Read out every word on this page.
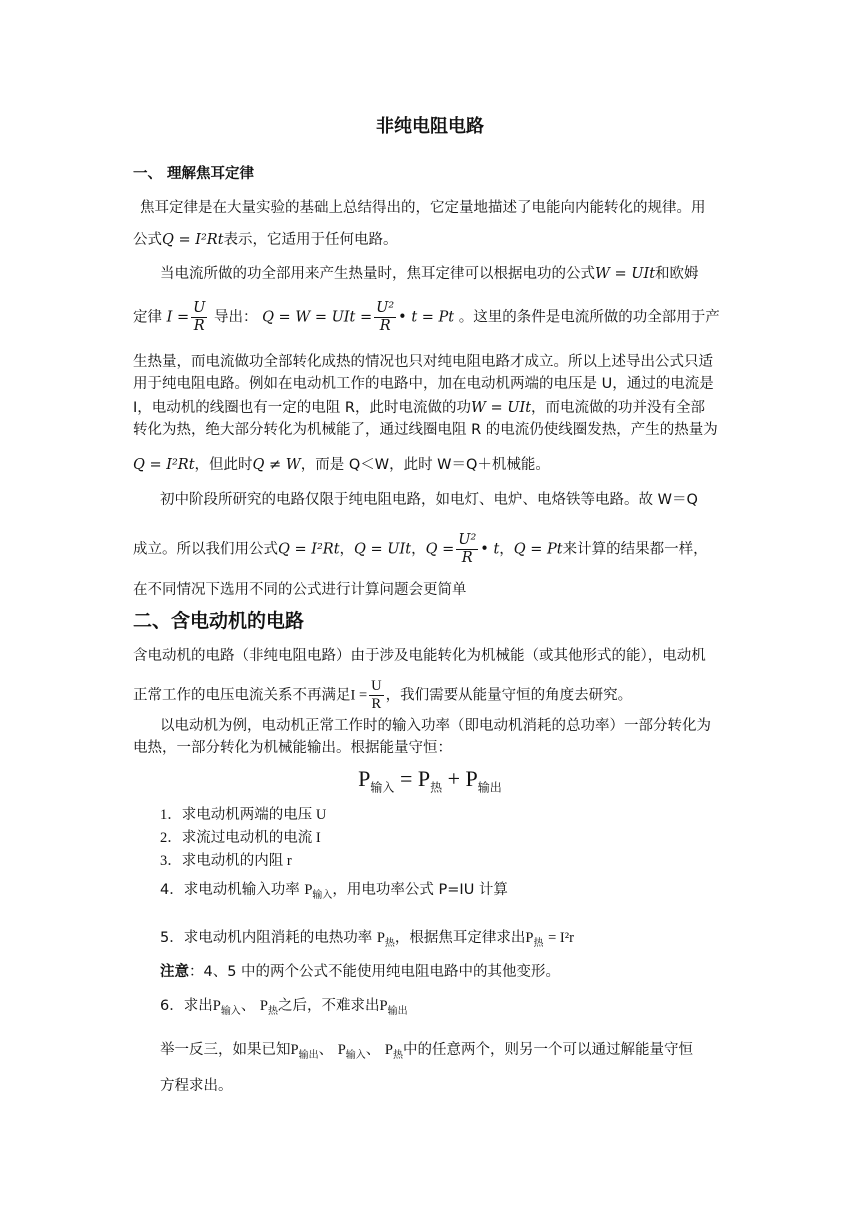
非纯电阻电路
一、 理解焦耳定律
焦耳定律是在大量实验的基础上总结得出的，它定量地描述了电能向内能转化的规律。用
公式Q = I²Rt表示，它适用于任何电路。
当电流所做的功全部用来产生热量时，焦耳定律可以根据电功的公式W = UIt和欧姆
定律 $I = \frac{U}{R}$ 导出： Q = W = UIt = $\frac{\text{U²}}{R}$ • t = Pt 。这里的条件是电流所做的功全部用于产
生热量，而电流做功全部转化成热的情况也只对纯电阻电路才成立。所以上述导出公式只适
用于纯电阻电路。例如在电动机工作的电路中，加在电动机两端的电压是 U，通过的电流是
I，电动机的线圈也有一定的电阻 R，此时电流做的功W = UIt，而电流做的功并没有全部
转化为热，绝大部分转化为机械能了，通过线圈电阻 R 的电流仍使线圈发热，产生的热量为
Q = I²Rt，但此时Q ≠ W，而是 Q＜W，此时 W＝Q＋机械能。
初中阶段所研究的电路仅限于纯电阻电路，如电灯、电炉、电烙铁等电路。故 W＝Q
成立。所以我们用公式Q = I²Rt，Q = UIt，$Q = \frac{\text{U²}}{R}$ • t，Q = Pt来计算的结果都一样，
在不同情况下选用不同的公式进行计算问题会更简单
二、含电动机的电路
含电动机的电路（非纯电阻电路）由于涉及电能转化为机械能（或其他形式的能），电动机
正常工作的电压电流关系不再满足$I = \frac{U}{R}$ ，我们需要从能量守恒的角度去研究。
以电动机为例，电动机正常工作时的输入功率（即电动机消耗的总功率）一部分转化为
电热，一部分转化为机械能输出。根据能量守恒：
$P_{输入} = P_热 + P_{输出}$
1．求电动机两端的电压 U
2．求流过电动机的电流 I
3．求电动机的内阻 r
4．求电动机输入功率 $P_{输入}$，用电功率公式 P=IU 计算
5．求电动机内阻消耗的电热功率 $P_热$，根据焦耳定律求出$P_热 = I^2r$
注意：4、5 中的两个公式不能使用纯电阻电路中的其他变形。
6．求出$P_{输入}$、 $P_热$之后，不难求出$P_{输出}$
举一反三，如果已知$P_{输出}$、 $P_{输入}$、 $P_热$中的任意两个，则另一个可以通过解能量守恒
方程求出。
